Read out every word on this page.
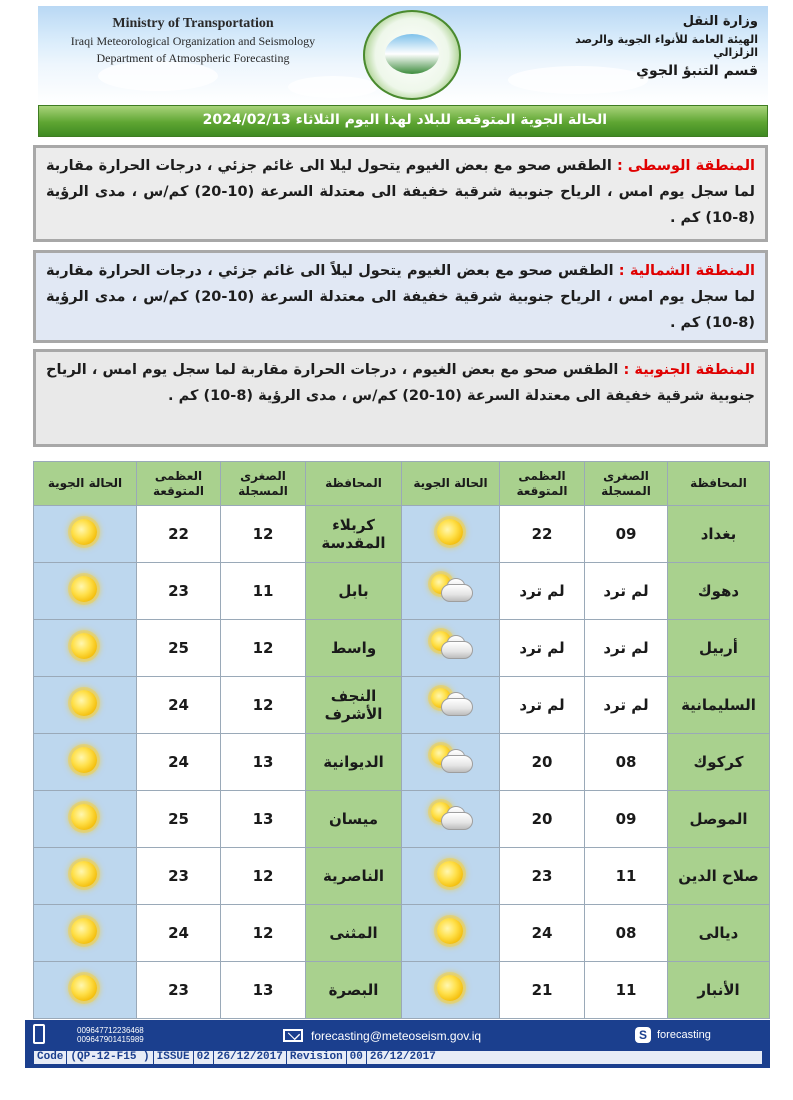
Ministry of Transportation
Iraqi Meteorological Organization and Seismology
Department of Atmospheric Forecasting
وزارة النقل
الهيئة العامة للأنواء الجوية والرصد الزلزالي
قسم التنبؤ الجوي
الحالة الجوية المتوقعة للبلاد لهذا اليوم الثلاثاء 2024/02/13
المنطقة الوسطى : الطقس صحو مع بعض الغيوم يتحول ليلا الى غائم جزئي ، درجات الحرارة مقاربة لما سجل يوم امس ، الرياح جنوبية شرقية خفيفة الى معتدلة السرعة (10-20) كم/س ، مدى الرؤية (8-10) كم .
المنطقة الشمالية : الطقس صحو مع بعض الغيوم يتحول ليلاً الى غائم جزئي ، درجات الحرارة مقاربة لما سجل يوم امس ، الرياح جنوبية شرقية خفيفة الى معتدلة السرعة (10-20) كم/س ، مدى الرؤية (8-10) كم .
المنطقة الجنوبية : الطقس صحو مع بعض الغيوم ، درجات الحرارة مقاربة لما سجل يوم امس ، الرياح جنوبية شرقية خفيفة الى معتدلة السرعة (10-20) كم/س ، مدى الرؤية (8-10) كم .
المحافظة	الصغرى المسجلة	العظمى المتوقعة	الحالة الجوية	المحافظة	الصغرى المسجلة	العظمى المتوقعة	الحالة الجوية
بغداد	09	22		كربلاء المقدسة	12	22	

دهوك	لم ترد	لم ترد		بابل	11	23	

أربيل	لم ترد	لم ترد		واسط	12	25	

السليمانية	لم ترد	لم ترد		النجف الأشرف	12	24	

كركوك	08	20		الديوانية	13	24	

الموصل	09	20		ميسان	13	25	

صلاح الدين	11	23		الناصرية	12	23	

ديالى	08	24		المثنى	12	24	

الأنبار	11	21		البصرة	13	23	
009647712236468
009647901415989	forecasting@meteoseism.gov.iq	S forecasting
Code (QP-12-F15 ) ISSUE 02 26/12/2017 Revision 00 26/12/2017
